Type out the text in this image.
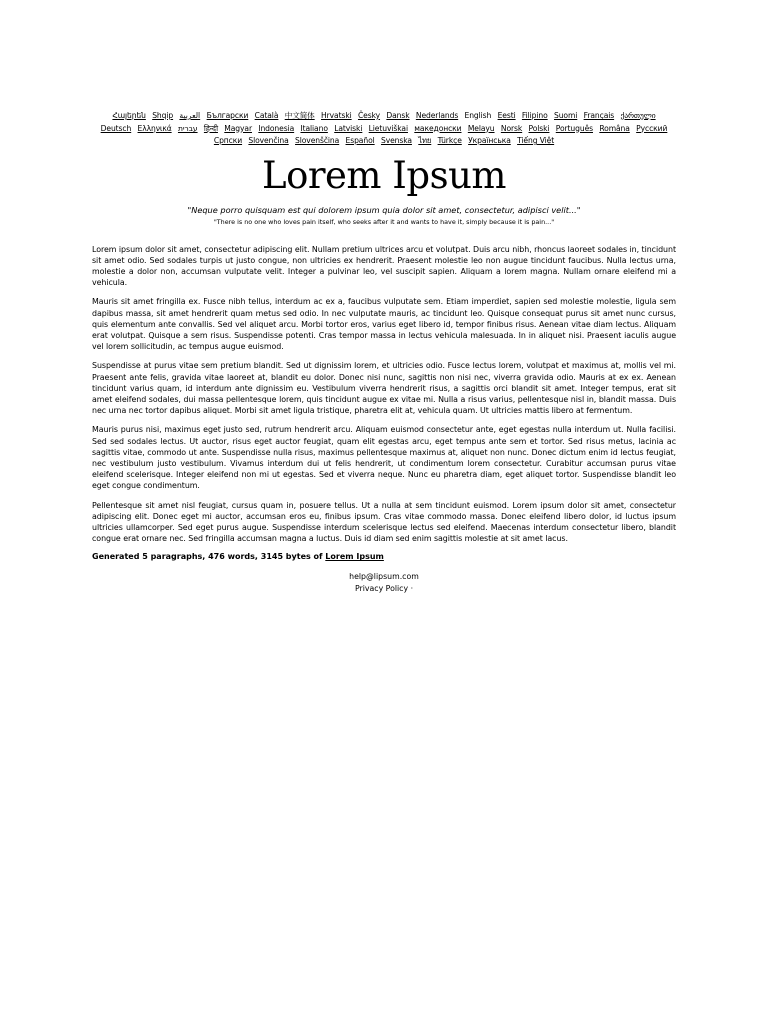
Հայերեն Shqip العربية Български Català 中文简体 Hrvatski Česky Dansk Nederlands English Eesti Filipino Suomi Français ქართული Deutsch Ελληνικά עברית हिन्दी Magyar Indonesia Italiano Latviski Lietuviškai македонски Melayu Norsk Polski Português Româna Pyccкий Српски Slovenčina Slovenščina Español Svenska ไทย Türkçe Українська Tiếng Việt
Lorem Ipsum
"Neque porro quisquam est qui dolorem ipsum quia dolor sit amet, consectetur, adipisci velit..."
"There is no one who loves pain itself, who seeks after it and wants to have it, simply because it is pain..."

Lorem ipsum dolor sit amet, consectetur adipiscing elit. Nullam pretium ultrices arcu et volutpat. Duis arcu nibh, rhoncus laoreet sodales in, tincidunt sit amet odio. Sed sodales turpis ut justo congue, non ultricies ex hendrerit. Praesent molestie leo non augue tincidunt faucibus. Nulla lectus urna, molestie a dolor non, accumsan vulputate velit. Integer a pulvinar leo, vel suscipit sapien. Aliquam a lorem magna. Nullam ornare eleifend mi a vehicula.

Mauris sit amet fringilla ex. Fusce nibh tellus, interdum ac ex a, faucibus vulputate sem. Etiam imperdiet, sapien sed molestie molestie, ligula sem dapibus massa, sit amet hendrerit quam metus sed odio. In nec vulputate mauris, ac tincidunt leo. Quisque consequat purus sit amet nunc cursus, quis elementum ante convallis. Sed vel aliquet arcu. Morbi tortor eros, varius eget libero id, tempor finibus risus. Aenean vitae diam lectus. Aliquam erat volutpat. Quisque a sem risus. Suspendisse potenti. Cras tempor massa in lectus vehicula malesuada. In in aliquet nisi. Praesent iaculis augue vel lorem sollicitudin, ac tempus augue euismod.

Suspendisse at purus vitae sem pretium blandit. Sed ut dignissim lorem, et ultricies odio. Fusce lectus lorem, volutpat et maximus at, mollis vel mi. Praesent ante felis, gravida vitae laoreet at, blandit eu dolor. Donec nisi nunc, sagittis non nisi nec, viverra gravida odio. Mauris at ex ex. Aenean tincidunt varius quam, id interdum ante dignissim eu. Vestibulum viverra hendrerit risus, a sagittis orci blandit sit amet. Integer tempus, erat sit amet eleifend sodales, dui massa pellentesque lorem, quis tincidunt augue ex vitae mi. Nulla a risus varius, pellentesque nisl in, blandit massa. Duis nec urna nec tortor dapibus aliquet. Morbi sit amet ligula tristique, pharetra elit at, vehicula quam. Ut ultricies mattis libero at fermentum.

Mauris purus nisi, maximus eget justo sed, rutrum hendrerit arcu. Aliquam euismod consectetur ante, eget egestas nulla interdum ut. Nulla facilisi. Sed sed sodales lectus. Ut auctor, risus eget auctor feugiat, quam elit egestas arcu, eget tempus ante sem et tortor. Sed risus metus, lacinia ac sagittis vitae, commodo ut ante. Suspendisse nulla risus, maximus pellentesque maximus at, aliquet non nunc. Donec dictum enim id lectus feugiat, nec vestibulum justo vestibulum. Vivamus interdum dui ut felis hendrerit, ut condimentum lorem consectetur. Curabitur accumsan purus vitae eleifend scelerisque. Integer eleifend non mi ut egestas. Sed et viverra neque. Nunc eu pharetra diam, eget aliquet tortor. Suspendisse blandit leo eget congue condimentum.

Pellentesque sit amet nisl feugiat, cursus quam in, posuere tellus. Ut a nulla at sem tincidunt euismod. Lorem ipsum dolor sit amet, consectetur adipiscing elit. Donec eget mi auctor, accumsan eros eu, finibus ipsum. Cras vitae commodo massa. Donec eleifend libero dolor, id luctus ipsum ultricies ullamcorper. Sed eget purus augue. Suspendisse interdum scelerisque lectus sed eleifend. Maecenas interdum consectetur libero, blandit congue erat ornare nec. Sed fringilla accumsan magna a luctus. Duis id diam sed enim sagittis molestie at sit amet lacus.

Generated 5 paragraphs, 476 words, 3145 bytes of Lorem Ipsum
help@lipsum.com
Privacy Policy ·
